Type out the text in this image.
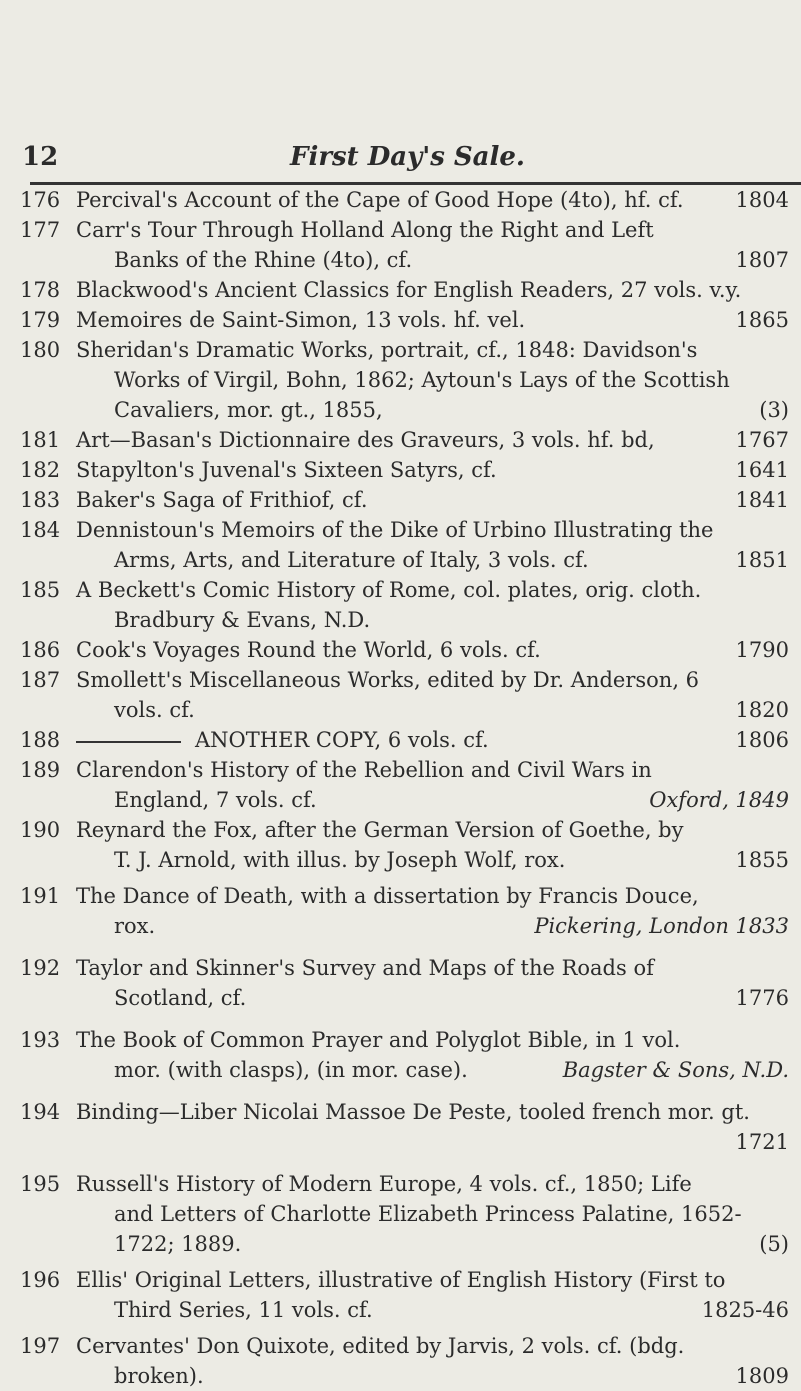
12	First Day's Sale.
176 Percival's Account of the Cape of Good Hope (4to), hf. cf. 1804
177 Carr's Tour Through Holland Along the Right and Left
Banks of the Rhine (4to), cf.	1807
178 Blackwood's Ancient Classics for English Readers, 27 vols. v.y.
179 Memoires de Saint-Simon, 13 vols. hf. vel.	1865
180 Sheridan's Dramatic Works, portrait, cf., 1848: Davidson's
Works of Virgil, Bohn, 1862; Aytoun's Lays of the Scottish
Cavaliers, mor. gt., 1855,	(3)
181 Art—Basan's Dictionnaire des Graveurs, 3 vols. hf. bd,	1767
182 Stapylton's Juvenal's Sixteen Satyrs, cf.	1641
183 Baker's Saga of Frithiof, cf.	1841
184 Dennistoun's Memoirs of the Dike of Urbino Illustrating the
Arms, Arts, and Literature of Italy, 3 vols. cf.	1851
185 A Beckett's Comic History of Rome, col. plates, orig. cloth.
Bradbury & Evans, N.D.
186 Cook's Voyages Round the World, 6 vols. cf.	1790
187 Smollett's Miscellaneous Works, edited by Dr. Anderson, 6
vols. cf.	1820
188	ANOTHER COPY, 6 vols. cf.	1806
189 Clarendon's History of the Rebellion and Civil Wars in
England, 7 vols. cf.	Oxford, 1849
190 Reynard the Fox, after the German Version of Goethe, by
T. J. Arnold, with illus. by Joseph Wolf, rox.	1855
191 The Dance of Death, with a dissertation by Francis Douce,
rox.	Pickering, London 1833
192 Taylor and Skinner's Survey and Maps of the Roads of
Scotland, cf.	1776
193 The Book of Common Prayer and Polyglot Bible, in 1 vol.
mor. (with clasps), (in mor. case).	Bagster & Sons, N.D.
194 Binding—Liber Nicolai Massoe De Peste, tooled french mor. gt.
1721
195 Russell's History of Modern Europe, 4 vols. cf., 1850; Life
and Letters of Charlotte Elizabeth Princess Palatine, 1652-
1722; 1889.	(5)
196 Ellis' Original Letters, illustrative of English History (First to
Third Series, 11 vols. cf.	1825-46
197 Cervantes' Don Quixote, edited by Jarvis, 2 vols. cf. (bdg.
broken).	1809
